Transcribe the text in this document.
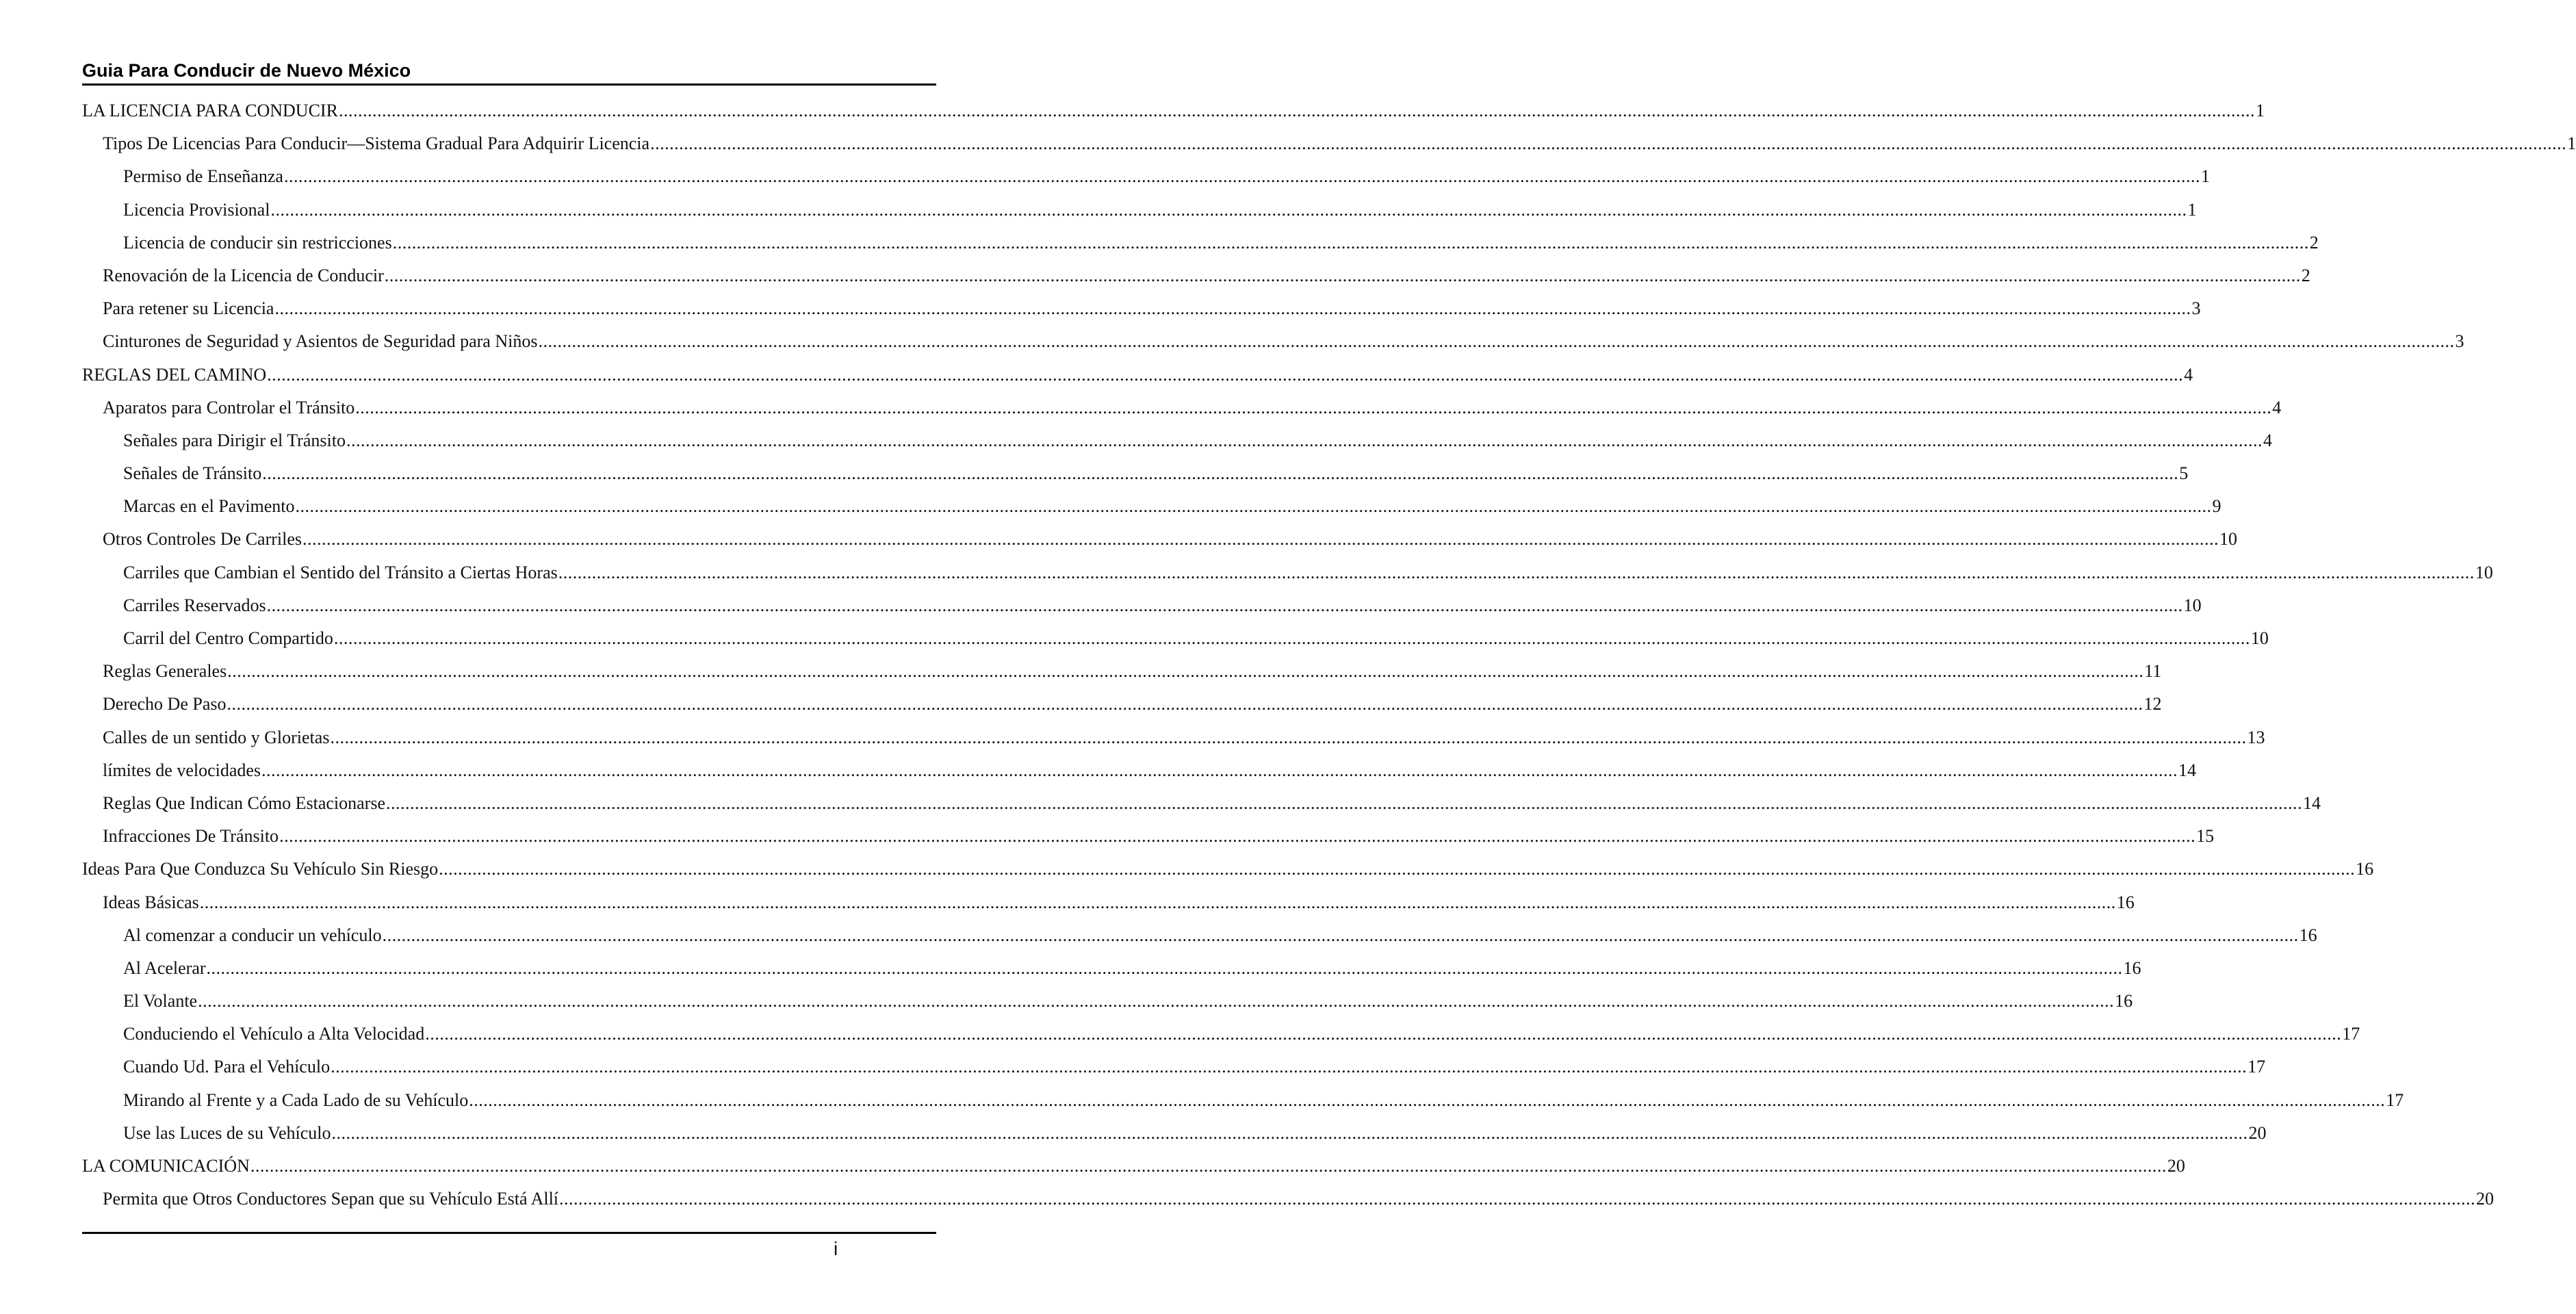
Guia Para Conducir de Nuevo México
LA LICENCIA PARA CONDUCIR ................................................................................................................................................................................................................................................................................................................................................................................................................ 1
Tipos De Licencias Para Conducir—Sistema Gradual Para Adquirir Licencia ................................................................................................................................................................................................................................................................................................................................................................................................................ 1
Permiso de Enseñanza ................................................................................................................................................................................................................................................................................................................................................................................................................ 1
Licencia Provisional ................................................................................................................................................................................................................................................................................................................................................................................................................ 1
Licencia de conducir sin restricciones ................................................................................................................................................................................................................................................................................................................................................................................................................ 2
Renovación de la Licencia de Conducir ................................................................................................................................................................................................................................................................................................................................................................................................................ 2
Para retener su Licencia ................................................................................................................................................................................................................................................................................................................................................................................................................ 3
Cinturones de Seguridad y Asientos de Seguridad para Niños ................................................................................................................................................................................................................................................................................................................................................................................................................ 3
REGLAS DEL CAMINO ................................................................................................................................................................................................................................................................................................................................................................................................................ 4
Aparatos para Controlar el Tránsito ................................................................................................................................................................................................................................................................................................................................................................................................................ 4
Señales para Dirigir el Tránsito ................................................................................................................................................................................................................................................................................................................................................................................................................ 4
Señales de Tránsito ................................................................................................................................................................................................................................................................................................................................................................................................................ 5
Marcas en el Pavimento ................................................................................................................................................................................................................................................................................................................................................................................................................ 9
Otros Controles De Carriles ................................................................................................................................................................................................................................................................................................................................................................................................................ 10
Carriles que Cambian el Sentido del Tránsito a Ciertas Horas ................................................................................................................................................................................................................................................................................................................................................................................................................ 10
Carriles Reservados ................................................................................................................................................................................................................................................................................................................................................................................................................ 10
Carril del Centro Compartido ................................................................................................................................................................................................................................................................................................................................................................................................................ 10
Reglas Generales ................................................................................................................................................................................................................................................................................................................................................................................................................ 11
Derecho De Paso ................................................................................................................................................................................................................................................................................................................................................................................................................ 12
Calles de un sentido y Glorietas ................................................................................................................................................................................................................................................................................................................................................................................................................ 13
límites de velocidades ................................................................................................................................................................................................................................................................................................................................................................................................................ 14
Reglas Que Indican Cómo Estacionarse ................................................................................................................................................................................................................................................................................................................................................................................................................ 14
Infracciones De Tránsito ................................................................................................................................................................................................................................................................................................................................................................................................................ 15
Ideas Para Que Conduzca Su Vehículo Sin Riesgo ................................................................................................................................................................................................................................................................................................................................................................................................................ 16
Ideas Básicas ................................................................................................................................................................................................................................................................................................................................................................................................................ 16
Al comenzar a conducir un vehículo ................................................................................................................................................................................................................................................................................................................................................................................................................ 16
Al Acelerar ................................................................................................................................................................................................................................................................................................................................................................................................................ 16
El Volante ................................................................................................................................................................................................................................................................................................................................................................................................................ 16
Conduciendo el Vehículo a Alta Velocidad ................................................................................................................................................................................................................................................................................................................................................................................................................ 17
Cuando Ud. Para el Vehículo ................................................................................................................................................................................................................................................................................................................................................................................................................ 17
Mirando al Frente y a Cada Lado de su Vehículo ................................................................................................................................................................................................................................................................................................................................................................................................................ 17
Use las Luces de su Vehículo ................................................................................................................................................................................................................................................................................................................................................................................................................ 20
LA COMUNICACIÓN ................................................................................................................................................................................................................................................................................................................................................................................................................ 20
Permita que Otros Conductores Sepan que su Vehículo Está Allí ................................................................................................................................................................................................................................................................................................................................................................................................................ 20
i
